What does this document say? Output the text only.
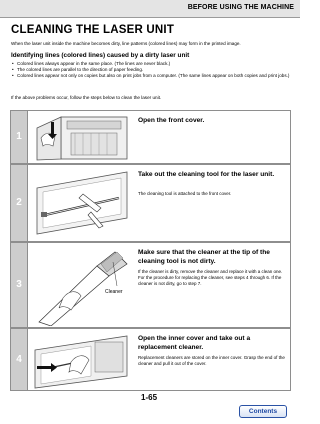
BEFORE USING THE MACHINE
CLEANING THE LASER UNIT

When the laser unit inside the machine becomes dirty, line patterns (colored lines) may form in the printed image.

Identifying lines (colored lines) caused by a dirty laser unit
• Colored lines always appear in the same place. (The lines are never black.)
• The colored lines are parallel to the direction of paper feeding.
• Colored lines appear not only on copies but also on print jobs from a computer. (The same lines appear on both copies and print jobs.)

If the above problems occur, follow the steps below to clean the laser unit.

1
Open the front cover.
2
Take out the cleaning tool for the laser unit.
The cleaning tool is attached to the front cover.
3
Cleaner
Make sure that the cleaner at the tip of the cleaning tool is not dirty.
If the cleaner is dirty, remove the cleaner and replace it with a clean one. For the procedure for replacing the cleaner, see steps 4 through 6. If the cleaner is not dirty, go to step 7.
4
Open the inner cover and take out a replacement cleaner.
Replacement cleaners are stored on the inner cover. Grasp the end of the cleaner and pull it out of the cover.
1-65
Contents
